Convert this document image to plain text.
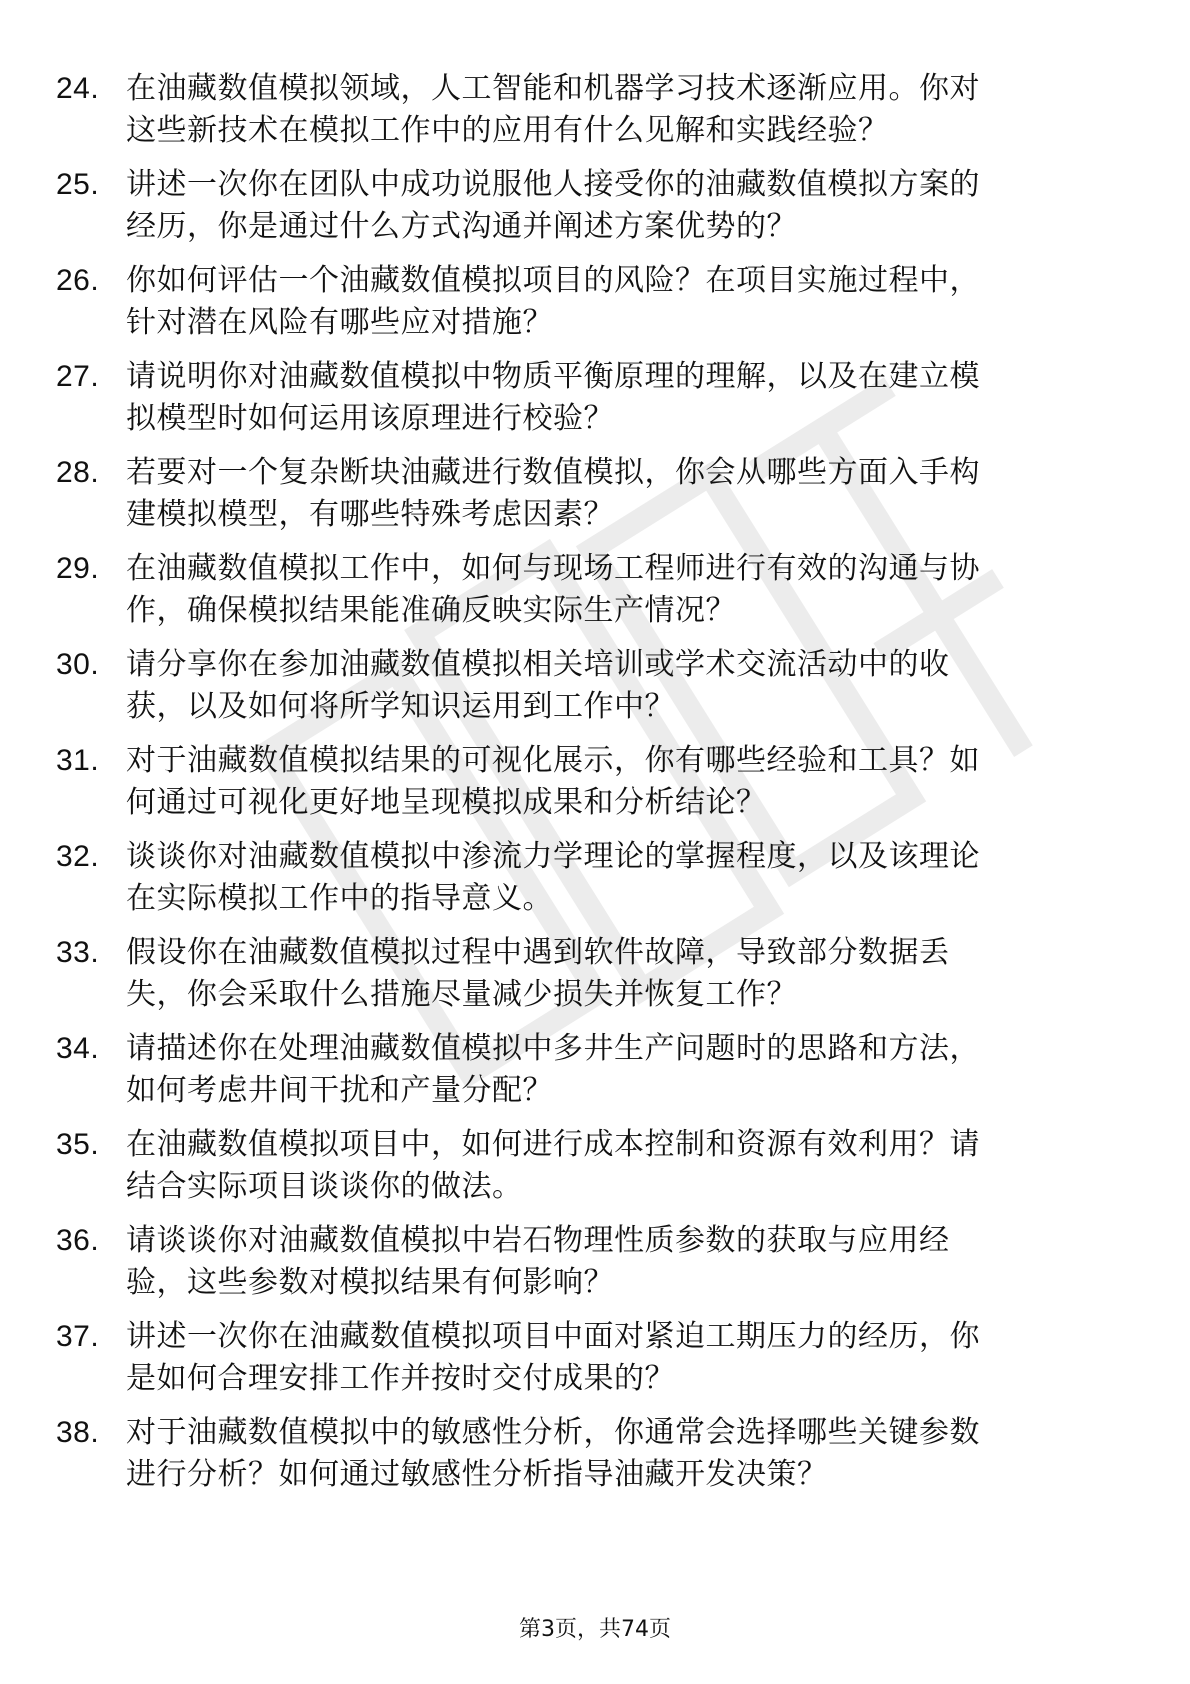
24. 在油藏数值模拟领域，人工智能和机器学习技术逐渐应用。你对
这些新技术在模拟工作中的应用有什么见解和实践经验？
25. 讲述一次你在团队中成功说服他人接受你的油藏数值模拟方案的
经历，你是通过什么方式沟通并阐述方案优势的？
26. 你如何评估一个油藏数值模拟项目的风险？在项目实施过程中，
针对潜在风险有哪些应对措施？
27. 请说明你对油藏数值模拟中物质平衡原理的理解，以及在建立模
拟模型时如何运用该原理进行校验？
28. 若要对一个复杂断块油藏进行数值模拟，你会从哪些方面入手构
建模拟模型，有哪些特殊考虑因素？
29. 在油藏数值模拟工作中，如何与现场工程师进行有效的沟通与协
作，确保模拟结果能准确反映实际生产情况？
30. 请分享你在参加油藏数值模拟相关培训或学术交流活动中的收
获，以及如何将所学知识运用到工作中？
31. 对于油藏数值模拟结果的可视化展示，你有哪些经验和工具？如
何通过可视化更好地呈现模拟成果和分析结论？
32. 谈谈你对油藏数值模拟中渗流力学理论的掌握程度，以及该理论
在实际模拟工作中的指导意义。
33. 假设你在油藏数值模拟过程中遇到软件故障，导致部分数据丢
失，你会采取什么措施尽量减少损失并恢复工作？
34. 请描述你在处理油藏数值模拟中多井生产问题时的思路和方法，
如何考虑井间干扰和产量分配？
35. 在油藏数值模拟项目中，如何进行成本控制和资源有效利用？请
结合实际项目谈谈你的做法。
36. 请谈谈你对油藏数值模拟中岩石物理性质参数的获取与应用经
验，这些参数对模拟结果有何影响？
37. 讲述一次你在油藏数值模拟项目中面对紧迫工期压力的经历，你
是如何合理安排工作并按时交付成果的？
38. 对于油藏数值模拟中的敏感性分析，你通常会选择哪些关键参数
进行分析？如何通过敏感性分析指导油藏开发决策？
第3页，共74页
